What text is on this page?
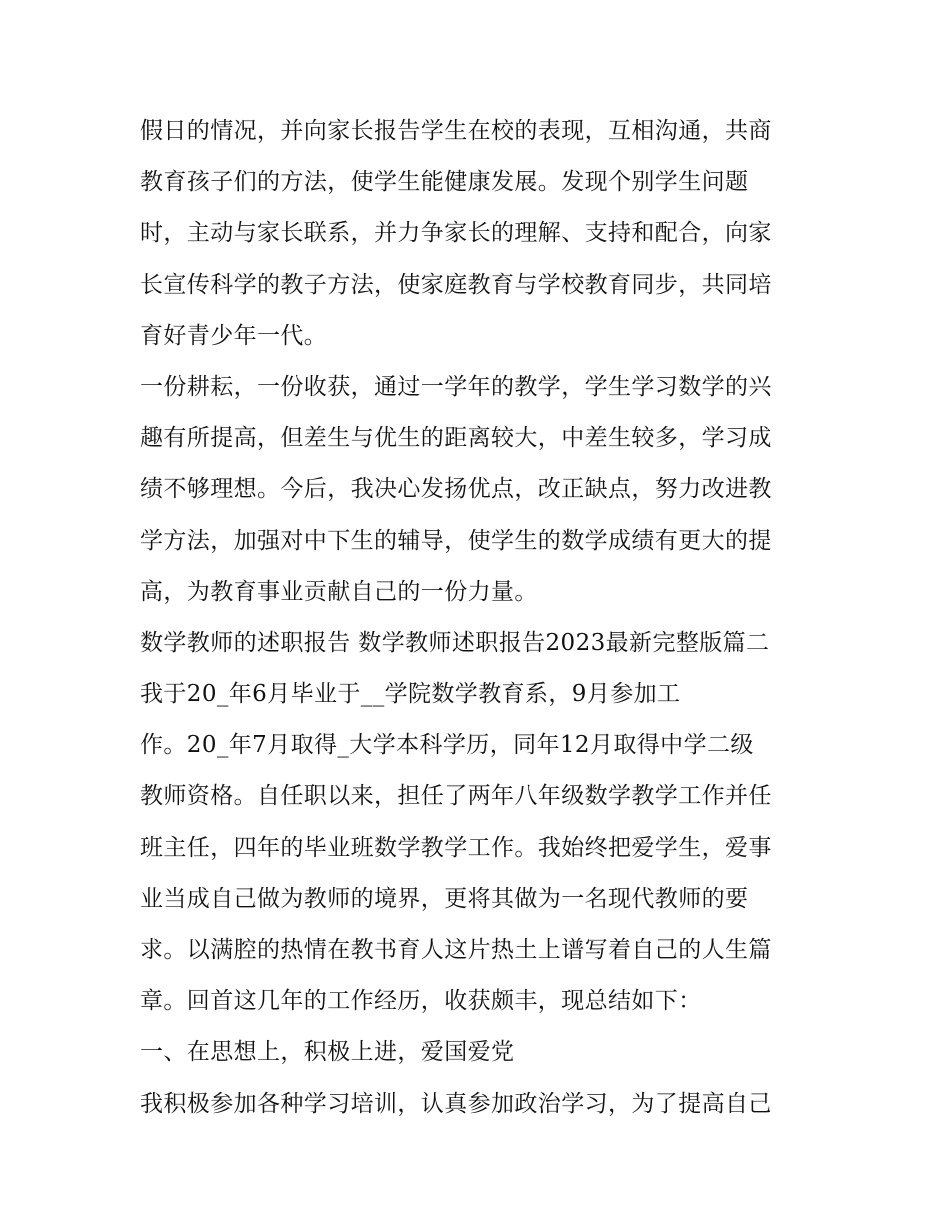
假日的情况，并向家长报告学生在校的表现，互相沟通，共商
教育孩子们的方法，使学生能健康发展。发现个别学生问题
时，主动与家长联系，并力争家长的理解、支持和配合，向家
长宣传科学的教子方法，使家庭教育与学校教育同步，共同培
育好青少年一代。
一份耕耘，一份收获，通过一学年的教学，学生学习数学的兴
趣有所提高，但差生与优生的距离较大，中差生较多，学习成
绩不够理想。今后，我决心发扬优点，改正缺点，努力改进教
学方法，加强对中下生的辅导，使学生的数学成绩有更大的提
高，为教育事业贡献自己的一份力量。
数学教师的述职报告 数学教师述职报告2023最新完整版篇二
我于20_年6月毕业于__学院数学教育系，9月参加工
作。20_年7月取得_大学本科学历，同年12月取得中学二级
教师资格。自任职以来，担任了两年八年级数学教学工作并任
班主任，四年的毕业班数学教学工作。我始终把爱学生，爱事
业当成自己做为教师的境界，更将其做为一名现代教师的要
求。以满腔的热情在教书育人这片热土上谱写着自己的人生篇
章。回首这几年的工作经历，收获颇丰，现总结如下：
一、在思想上，积极上进，爱国爱党
我积极参加各种学习培训，认真参加政治学习，为了提高自己
